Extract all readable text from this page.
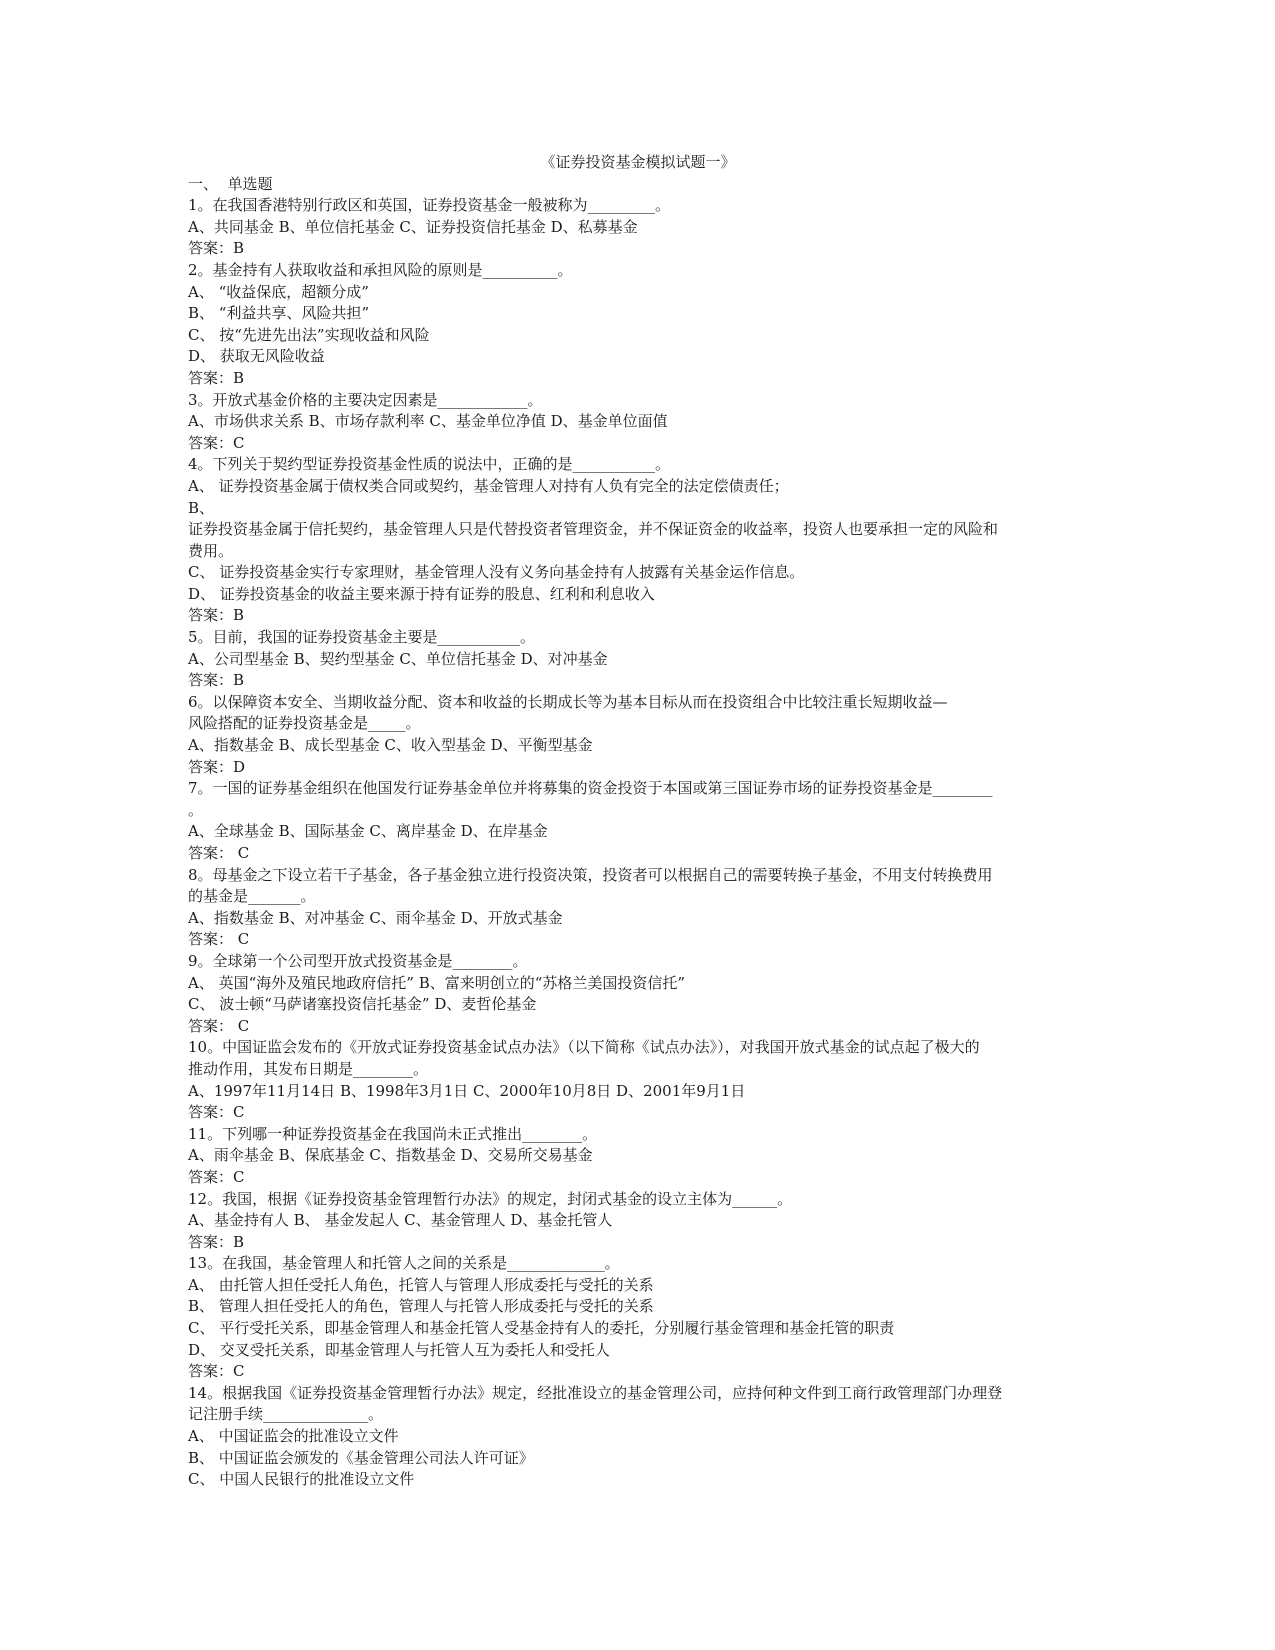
《证券投资基金模拟试题一》
一、  单选题
1。在我国香港特别行政区和英国，证券投资基金一般被称为_________。
A、共同基金 B、单位信托基金 C、证券投资信托基金 D、私募基金
答案：B
2。基金持有人获取收益和承担风险的原则是__________。
A、 “收益保底，超额分成”
B、 “利益共享、风险共担”
C、 按“先进先出法”实现收益和风险
D、 获取无风险收益
答案：B
3。开放式基金价格的主要决定因素是____________。
A、市场供求关系 B、市场存款利率 C、基金单位净值 D、基金单位面值
答案：C
4。下列关于契约型证券投资基金性质的说法中，正确的是___________。
A、 证券投资基金属于债权类合同或契约，基金管理人对持有人负有完全的法定偿债责任；
B、
证券投资基金属于信托契约，基金管理人只是代替投资者管理资金，并不保证资金的收益率，投资人也要承担一定的风险和
费用。
C、 证券投资基金实行专家理财，基金管理人没有义务向基金持有人披露有关基金运作信息。
D、 证券投资基金的收益主要来源于持有证券的股息、红利和利息收入
答案：B
5。目前，我国的证券投资基金主要是___________。
A、公司型基金 B、契约型基金 C、单位信托基金 D、对冲基金
答案：B
6。以保障资本安全、当期收益分配、资本和收益的长期成长等为基本目标从而在投资组合中比较注重长短期收益—
风险搭配的证券投资基金是_____。
A、指数基金 B、成长型基金 C、收入型基金 D、平衡型基金
答案：D
7。一国的证券基金组织在他国发行证券基金单位并将募集的资金投资于本国或第三国证券市场的证券投资基金是________
。
A、全球基金 B、国际基金 C、离岸基金 D、在岸基金
答案： C
8。母基金之下设立若干子基金，各子基金独立进行投资决策，投资者可以根据自己的需要转换子基金，不用支付转换费用
的基金是_______。
A、指数基金 B、对冲基金 C、雨伞基金 D、开放式基金
答案： C
9。全球第一个公司型开放式投资基金是________。
A、 英国“海外及殖民地政府信托” B、富来明创立的“苏格兰美国投资信托”
C、 波士顿“马萨诸塞投资信托基金” D、麦哲伦基金
答案： C
10。中国证监会发布的《开放式证券投资基金试点办法》（以下简称《试点办法》），对我国开放式基金的试点起了极大的
推动作用，其发布日期是________。
A、1997年11月14日 B、1998年3月1日 C、2000年10月8日 D、2001年9月1日
答案：C
11。下列哪一种证券投资基金在我国尚未正式推出________。
A、雨伞基金 B、保底基金 C、指数基金 D、交易所交易基金
答案：C
12。我国，根据《证券投资基金管理暂行办法》的规定，封闭式基金的设立主体为______。
A、基金持有人 B、 基金发起人 C、基金管理人 D、基金托管人
答案：B
13。在我国，基金管理人和托管人之间的关系是_____________。
A、 由托管人担任受托人角色，托管人与管理人形成委托与受托的关系
B、 管理人担任受托人的角色，管理人与托管人形成委托与受托的关系
C、 平行受托关系，即基金管理人和基金托管人受基金持有人的委托，分别履行基金管理和基金托管的职责
D、 交叉受托关系，即基金管理人与托管人互为委托人和受托人
答案：C
14。根据我国《证券投资基金管理暂行办法》规定，经批准设立的基金管理公司，应持何种文件到工商行政管理部门办理登
记注册手续______________。
A、 中国证监会的批准设立文件
B、 中国证监会颁发的《基金管理公司法人许可证》
C、 中国人民银行的批准设立文件
